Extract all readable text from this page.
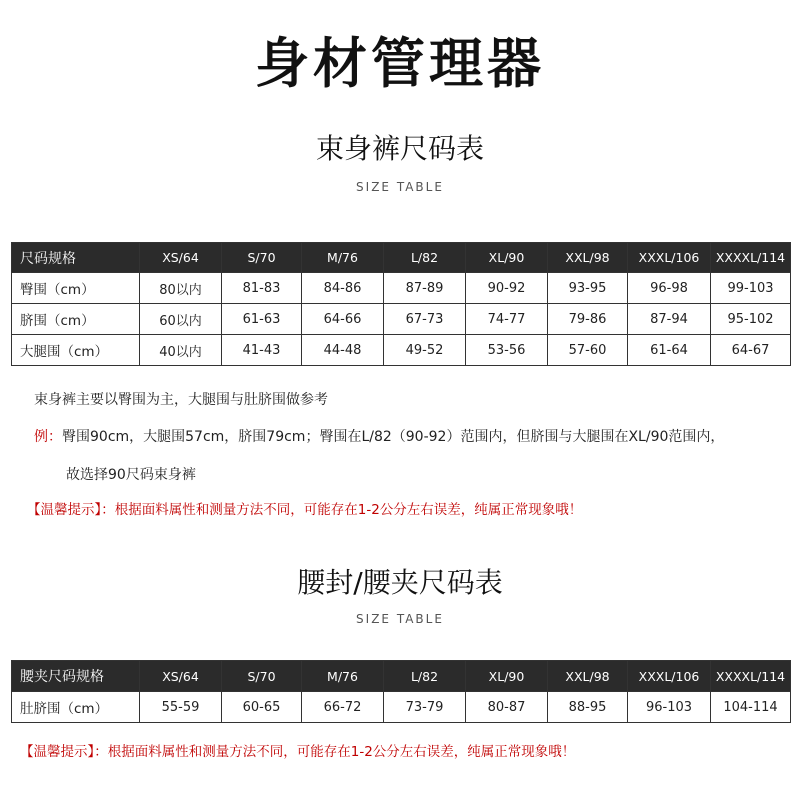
身材管理器
束身裤尺码表
SIZE TABLE
尺码规格	XS/64	S/70	M/76	L/82	XL/90	XXL/98	XXXL/106	XXXXL/114
臀围（cm）	80以内	81-83	84-86	87-89	90-92	93-95	96-98	99-103
脐围（cm）	60以内	61-63	64-66	67-73	74-77	79-86	87-94	95-102
大腿围（cm）	40以内	41-43	44-48	49-52	53-56	57-60	61-64	64-67
束身裤主要以臀围为主，大腿围与肚脐围做参考
例：臀围90cm，大腿围57cm，脐围79cm；臀围在L/82（90-92）范围内，但脐围与大腿围在XL/90范围内，
故选择90尺码束身裤
【温馨提示】：根据面料属性和测量方法不同，可能存在1-2公分左右误差，纯属正常现象哦！
腰封/腰夹尺码表
SIZE TABLE
腰夹尺码规格	XS/64	S/70	M/76	L/82	XL/90	XXL/98	XXXL/106	XXXXL/114
肚脐围（cm）	55-59	60-65	66-72	73-79	80-87	88-95	96-103	104-114
【温馨提示】：根据面料属性和测量方法不同，可能存在1-2公分左右误差，纯属正常现象哦！
